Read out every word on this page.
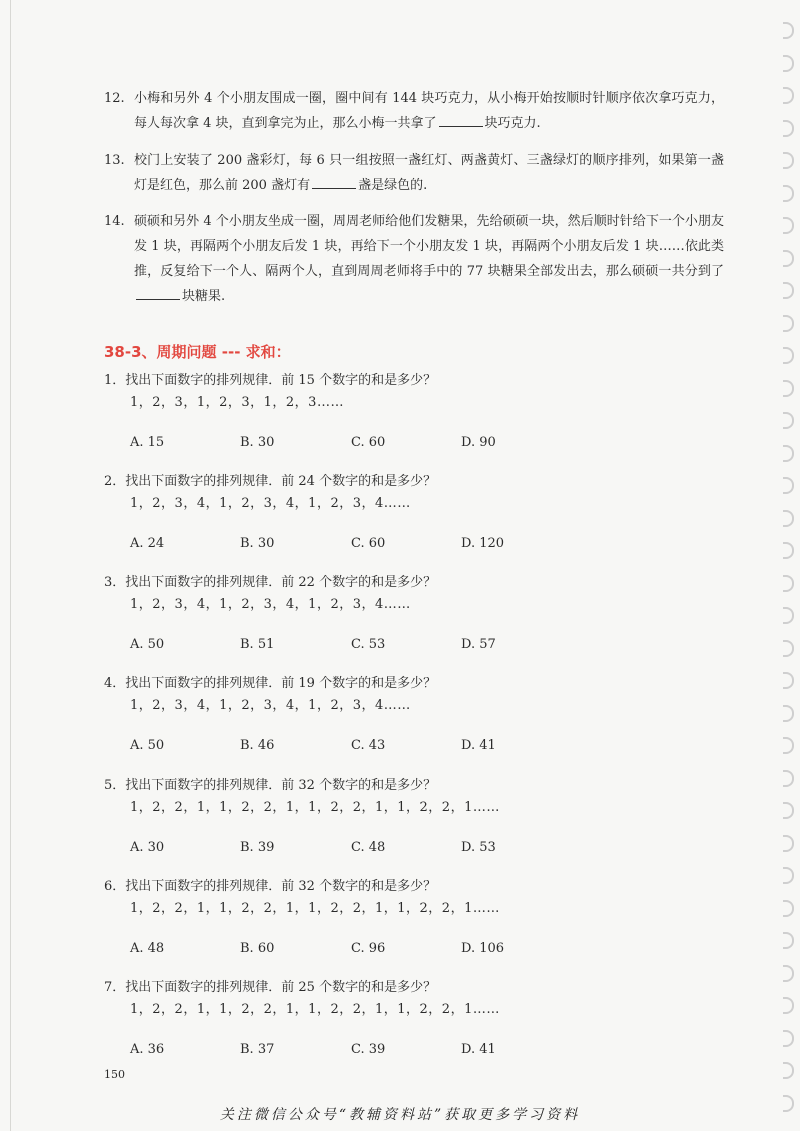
12. 小梅和另外 4 个小朋友围成一圈，圈中间有 144 块巧克力，从小梅开始按顺时针顺序依次拿巧克力，每人每次拿 4 块，直到拿完为止，那么小梅一共拿了	块巧克力.
13. 校门上安装了 200 盏彩灯，每 6 只一组按照一盏红灯、两盏黄灯、三盏绿灯的顺序排列，如果第一盏灯是红色，那么前 200 盏灯有	盏是绿色的.
14. 硕硕和另外 4 个小朋友坐成一圈，周周老师给他们发糖果，先给硕硕一块，然后顺时针给下一个小朋友发 1 块，再隔两个小朋友后发 1 块，再给下一个小朋友发 1 块，再隔两个小朋友后发 1 块……依此类推，反复给下一个人、隔两个人，直到周周老师将手中的 77 块糖果全部发出去，那么硕硕一共分到了块糖果.
38-3、周期问题 --- 求和：
1．找出下面数字的排列规律．前 15 个数字的和是多少？
1，2，3，1，2，3，1，2，3……
A. 15	B. 30	C. 60	D. 90
2．找出下面数字的排列规律．前 24 个数字的和是多少？
1，2，3，4，1，2，3，4，1，2，3，4……
A. 24	B. 30	C. 60	D. 120
3．找出下面数字的排列规律．前 22 个数字的和是多少？
1，2，3，4，1，2，3，4，1，2，3，4……
A. 50	B. 51	C. 53	D. 57
4．找出下面数字的排列规律．前 19 个数字的和是多少？
1，2，3，4，1，2，3，4，1，2，3，4……
A. 50	B. 46	C. 43	D. 41
5．找出下面数字的排列规律．前 32 个数字的和是多少？
1，2，2，1，1，2，2，1，1，2，2，1，1，2，2，1……
A. 30	B. 39	C. 48	D. 53
6．找出下面数字的排列规律．前 32 个数字的和是多少？
1，2，2，1，1，2，2，1，1，2，2，1，1，2，2，1……
A. 48	B. 60	C. 96	D. 106
7．找出下面数字的排列规律．前 25 个数字的和是多少？
1，2，2，1，1，2，2，1，1，2，2，1，1，2，2，1……
A. 36	B. 37	C. 39	D. 41
150
关注微信公众号“教辅资料站”获取更多学习资料
